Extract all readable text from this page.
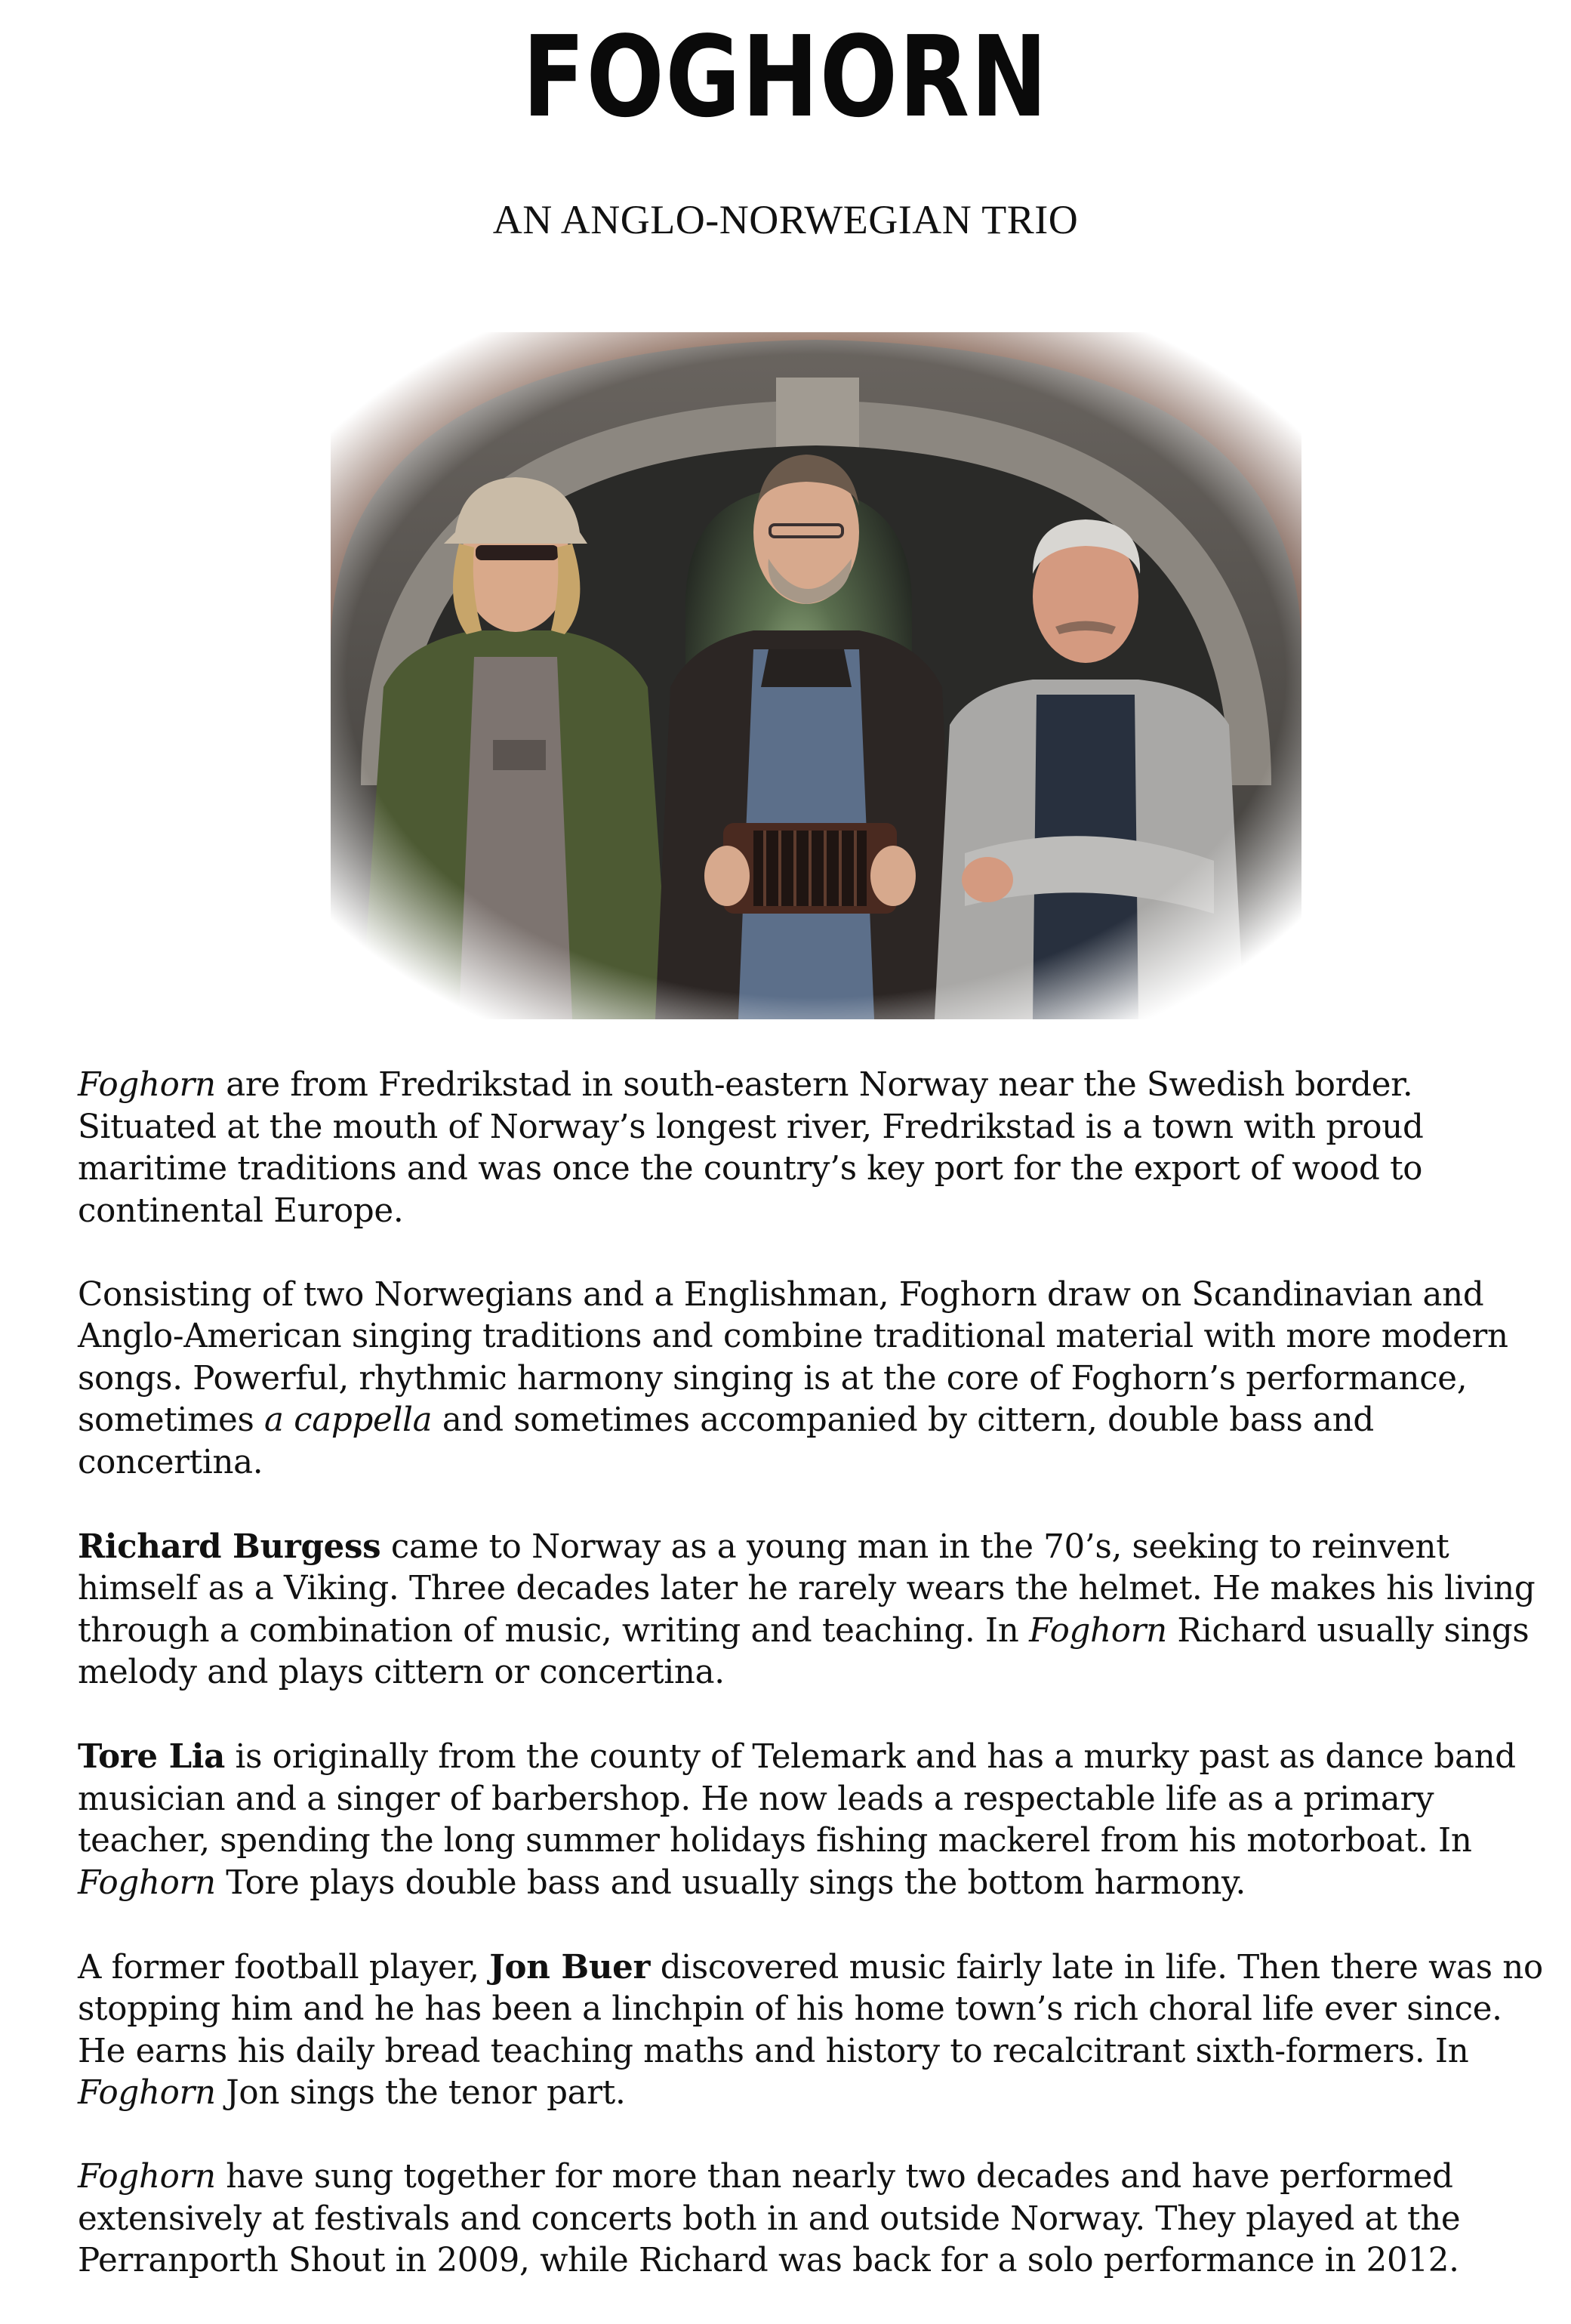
FOGHORN
AN ANGLO-NORWEGIAN TRIO

Foghorn are from Fredrikstad in south-eastern Norway near the Swedish border. Situated at the mouth of Norway’s longest river, Fredrikstad is a town with proud maritime traditions and was once the country’s key port for the export of wood to continental Europe.

Consisting of two Norwegians and a Englishman, Foghorn draw on Scandinavian and Anglo-American singing traditions and combine traditional material with more modern songs. Powerful, rhythmic harmony singing is at the core of Foghorn’s performance, sometimes a cappella and sometimes accompanied by cittern, double bass and concertina.

Richard Burgess came to Norway as a young man in the 70’s, seeking to reinvent himself as a Viking. Three decades later he rarely wears the helmet. He makes his living through a combination of music, writing and teaching. In Foghorn Richard usually sings melody and plays cittern or concertina.

Tore Lia is originally from the county of Telemark and has a murky past as dance band musician and a singer of barbershop. He now leads a respectable life as a primary teacher, spending the long summer holidays fishing mackerel from his motorboat. In Foghorn Tore plays double bass and usually sings the bottom harmony.

A former football player, Jon Buer discovered music fairly late in life. Then there was no stopping him and he has been a linchpin of his home town’s rich choral life ever since. He earns his daily bread teaching maths and history to recalcitrant sixth-formers. In Foghorn Jon sings the tenor part.

Foghorn have sung together for more than nearly two decades and have performed extensively at festivals and concerts both in and outside Norway. They played at the Perranporth Shout in 2009, while Richard was back for a solo performance in 2012.
